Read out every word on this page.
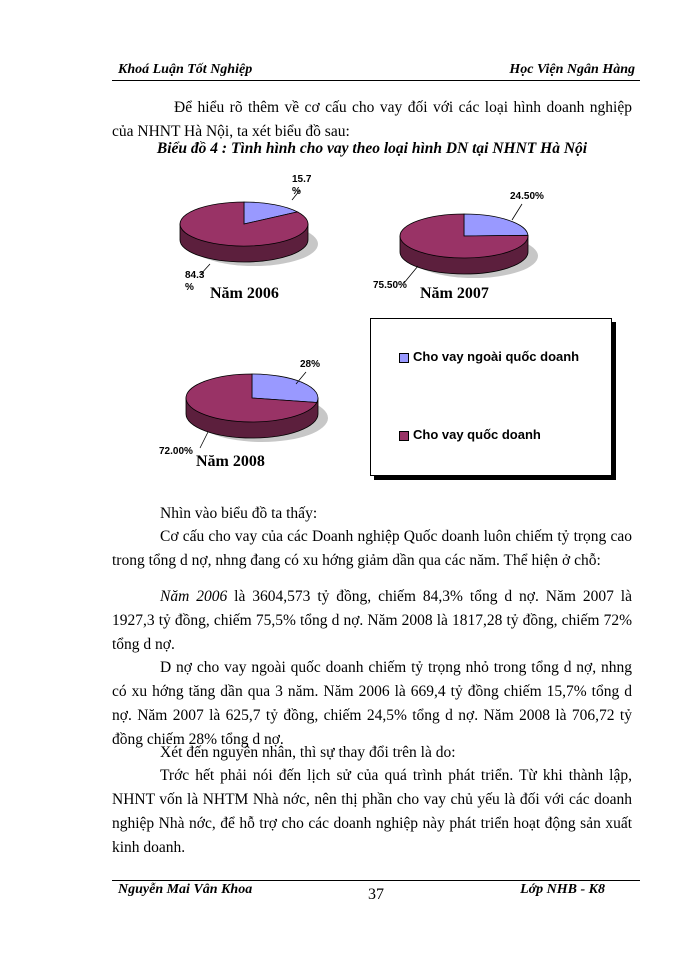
Khoá Luận Tốt Nghiệp	Học Viện Ngân Hàng
Để hiểu rõ thêm về cơ cấu cho vay đối với các loại hình doanh nghiệp của NHNT Hà Nội, ta xét biểu đồ sau:
Biểu đồ 4 : Tình hình cho vay theo loại hình DN tại NHNT Hà Nội
Năm 2006	Năm 2007
Năm 2008
15.7 %
84.3 %
24.50%
75.50%
28%
72.00%
Cho vay ngoài quốc doanh
Cho vay quốc doanh
Nhìn vào biểu đồ ta thấy:
Cơ cấu cho vay của các Doanh nghiệp Quốc doanh luôn chiếm tỷ trọng cao trong tổng d nợ, nhng đang có xu hớng giảm dần qua các năm. Thể hiện ở chỗ:
Năm 2006 là 3604,573 tỷ đồng, chiếm 84,3% tổng d nợ. Năm 2007 là 1927,3 tỷ đồng, chiếm 75,5% tổng d nợ. Năm 2008 là 1817,28 tỷ đồng, chiếm 72% tổng d nợ.
D nợ cho vay ngoài quốc doanh chiếm tỷ trọng nhỏ trong tổng d nợ, nhng có xu hớng tăng dần qua 3 năm. Năm 2006 là 669,4 tỷ đồng chiếm 15,7% tổng d nợ. Năm 2007 là 625,7 tỷ đồng, chiếm 24,5% tổng d nợ. Năm 2008 là 706,72 tỷ đồng chiếm 28% tổng d nợ.
Xét đến nguyên nhân, thì sự thay đổi trên là do:
Trớc hết phải nói đến lịch sử của quá trình phát triển. Từ khi thành lập, NHNT vốn là NHTM Nhà nớc, nên thị phần cho vay chủ yếu là đối với các doanh nghiệp Nhà nớc, để hỗ trợ cho các doanh nghiệp này phát triển hoạt động sản xuất kinh doanh.
Nguyễn Mai Vân Khoa	37	Lớp NHB - K8
